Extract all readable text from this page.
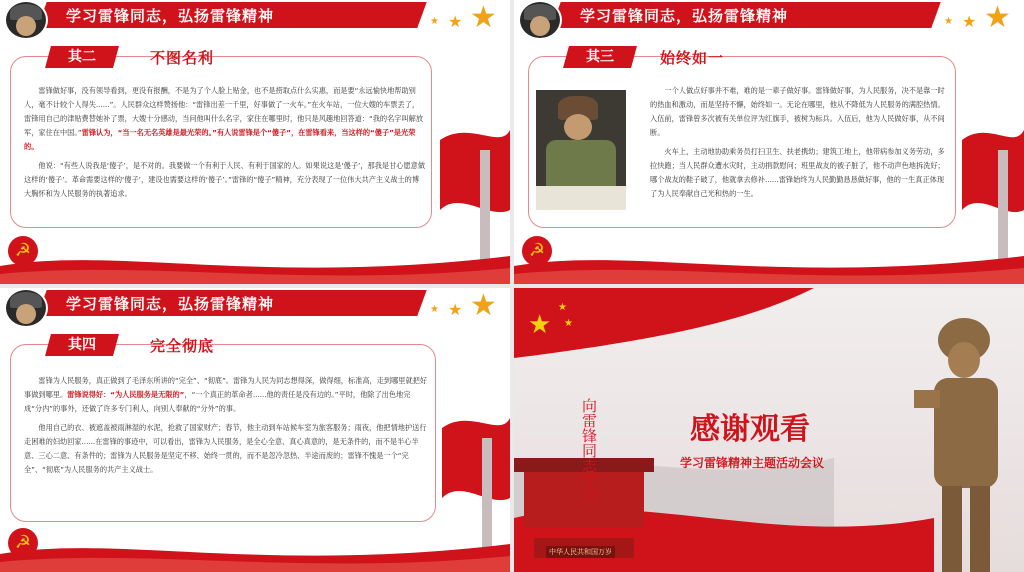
学习雷锋同志，弘扬雷锋精神	★ ★
★
其二	不图名利

雷锋做好事，没有领导看到，更没有报酬，不是为了个人脸上贴金，也不是捞取点什么实惠，而是要“永远愉快地帮助别人，毫不计较个人得失......”。人民群众这样赞扬他：“雷锋出差一千里，好事做了一火车。”在火车站，一位大嫂的车票丢了，雷锋用自己的津贴费替她补了票，大嫂十分感动，当问他叫什么名字，家住在哪里时，他只是风趣地回答道：“我的名字叫解放军，家住在中国。”雷锋认为，“当一名无名英雄是最光荣的。”有人说雷锋是个“傻子”，在雷锋看来，当这样的“傻子”是光荣的。

他说：“有些人说我是‘傻子’，是不对的。我要做一个有利于人民、有利于国家的人。如果说这是‘傻子’，那我是甘心愿意做这样的‘傻子’。革命需要这样的‘傻子’，建设也需要这样的‘傻子’。”雷锋的“傻子”精神，充分表现了一位伟大共产主义战士的博大胸怀和为人民服务的执著追求。

☭
学习雷锋同志，弘扬雷锋精神	★ ★
★
其三	始终如一

一个人做点好事并不难，难的是一辈子做好事。雷锋做好事，为人民服务，决不是靠一时的热血和激动，而是坚持不懈，始终如一。无论在哪里，他从不降低为人民服务的满腔热情。入伍前，雷锋曾多次被有关单位评为红旗手，被树为标兵。入伍后，他为人民做好事，从不间断。

火车上，主动地协助乘务员打扫卫生、扶老携幼；建筑工地上，他带病参加义务劳动，多拉快跑；当人民群众遭水灾时，主动捐款慰问；班里战友的被子脏了，他不动声色地拆洗好；哪个战友的鞋子破了，他就拿去修补......雷锋始终为人民勤勤恳恳做好事，他的一生真正体现了为人民奉献自己光和热的一生。

☭
学习雷锋同志，弘扬雷锋精神	★ ★
★
其四	完全彻底

雷锋为人民服务，真正做到了毛泽东所讲的“完全”、“彻底”。雷锋为人民为同志想得深，做得细，标准高，走到哪里就把好事做到哪里。雷锋说得好：“为人民服务是无限的”，“一个真正的革命者......他的责任是没有边的。”平时，他除了出色地完成“分内”的事外，还做了许多专门利人，向别人奉献的“分外”的事。

他用自己的衣、被遮盖被雨淋湿的水泥，抢救了国家财产；春节，他主动到车站候车室为旅客服务；雨夜，他把情地护送行走困难的妇幼回家......在雷锋的事迹中，可以看出，雷锋为人民服务，是全心全意、真心真意的，是无条件的，而不是半心半意、三心二意、有条件的；雷锋为人民服务是坚定不移、始终一贯的，而不是忽冷忽热、半途而废的；雷锋不愧是一个“完全”、“彻底”为人民服务的共产主义战士。

☭
★
★
★
向雷锋同志学习	感谢观看
学习雷锋精神主题活动会议
中华人民共和国万岁
